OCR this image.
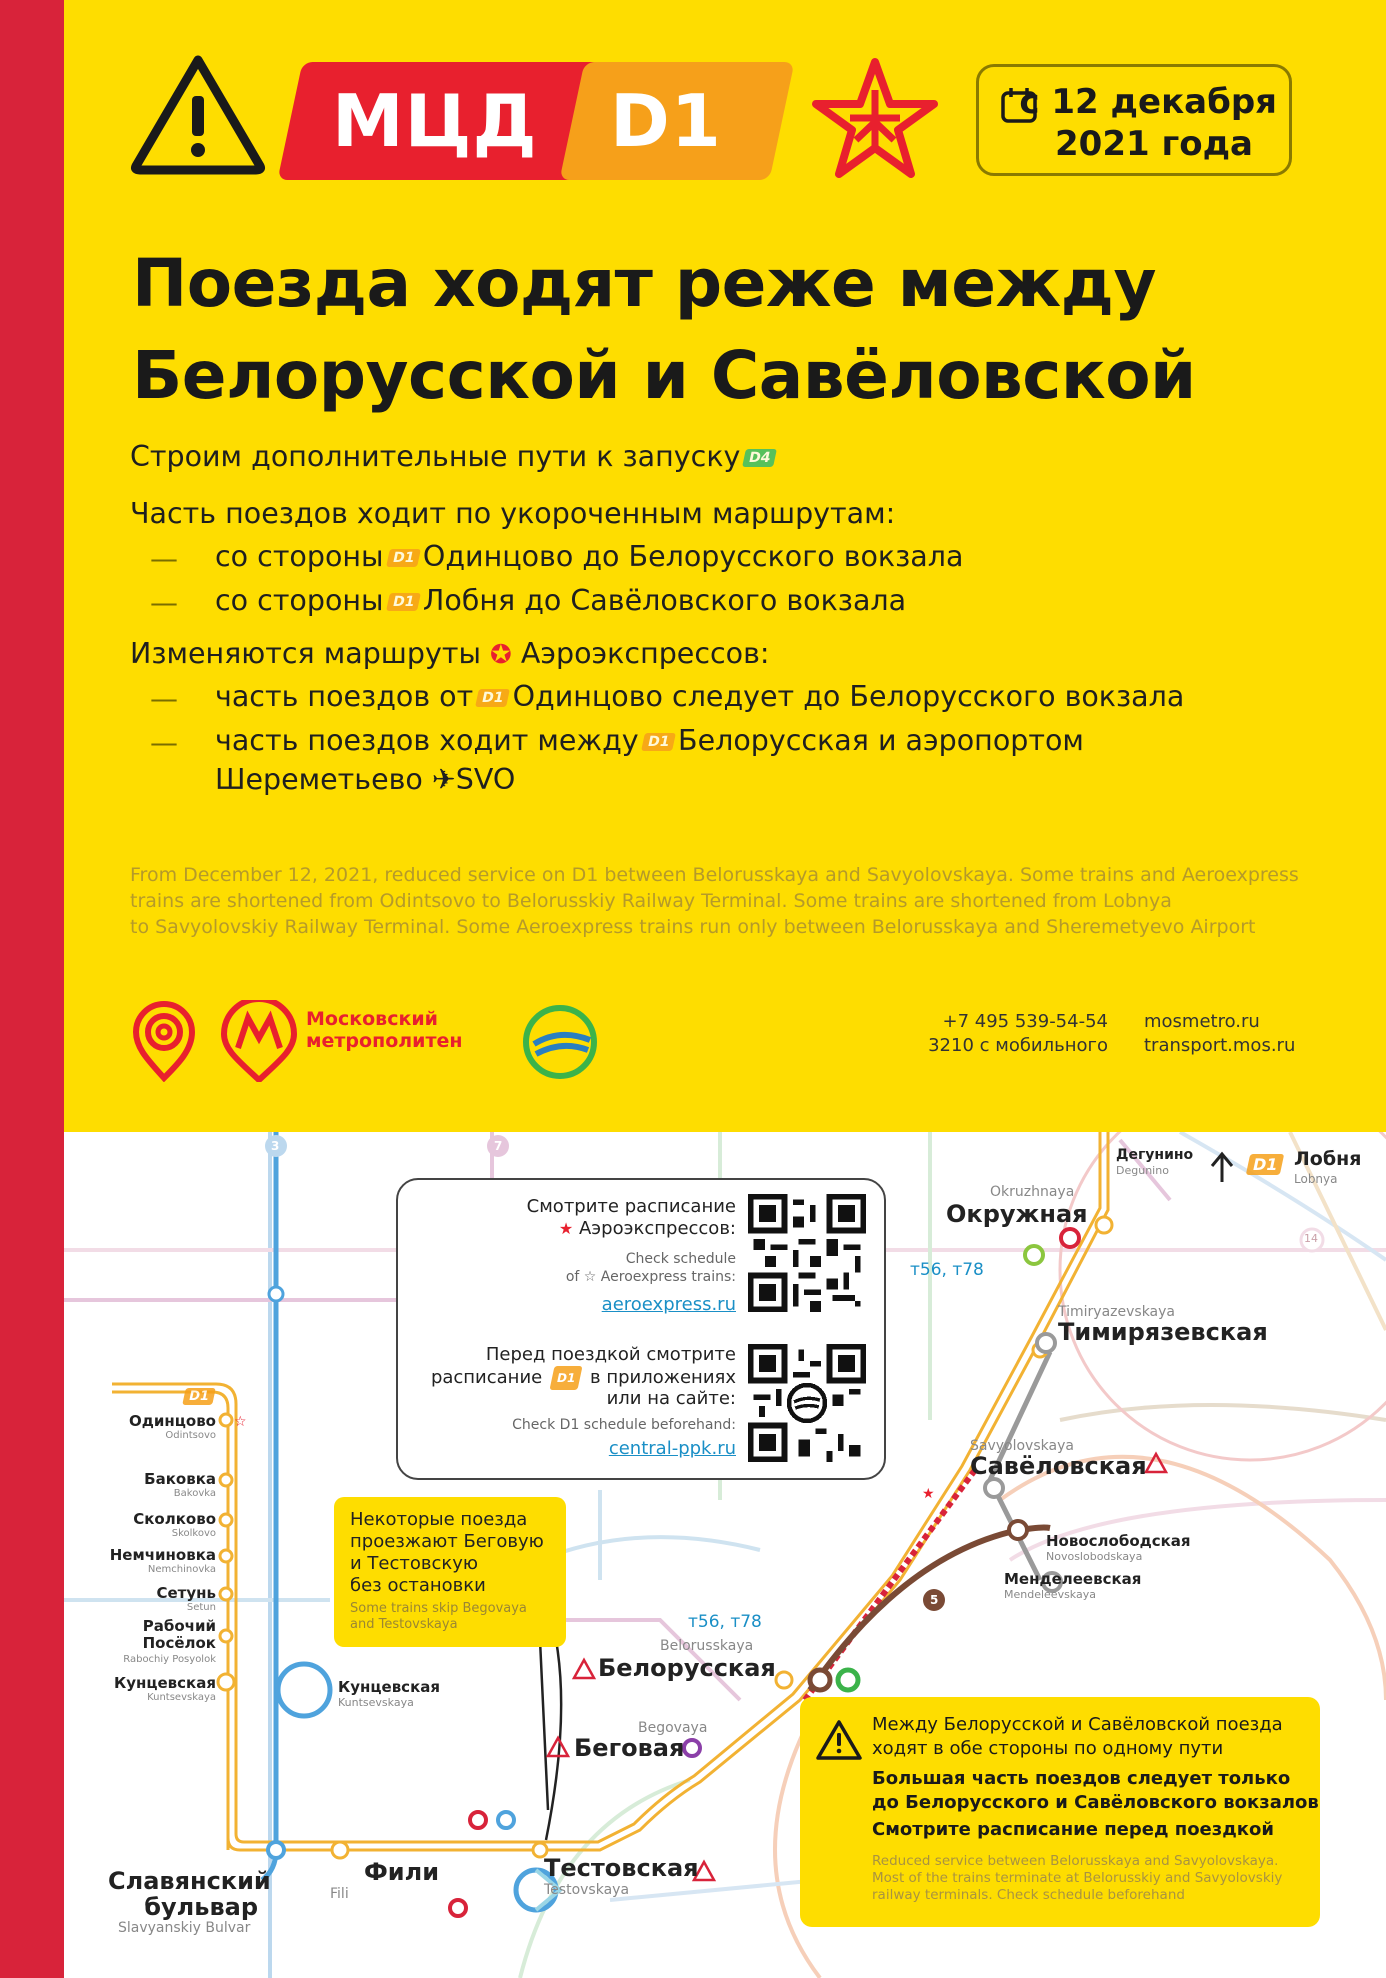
МЦД D1	с 12 декабря
2021 года
Поезда ходят реже между
Белорусской и Савёловской
Строим дополнительные пути к запуску D4
Часть поездов ходит по укороченным маршрутам:
— со стороны D1 Одинцово до Белорусского вокзала
— со стороны D1 Лобня до Савёловского вокзала
Изменяются маршруты ✪ Аэроэкспрессов:
— часть поездов от D1 Одинцово следует до Белорусского вокзала
— часть поездов ходит между D1 Белорусская и аэропортом
Шереметьево ✈SVO
From December 12, 2021, reduced service on D1 between Belorusskaya and Savyolovskaya. Some trains and Aeroexpress
trains are shortened from Odintsovo to Belorusskiy Railway Terminal. Some trains are shortened from Lobnya
to Savyolovskiy Railway Terminal. Some Aeroexpress trains run only between Belorusskaya and Sheremetyevo Airport
Московский
метрополитен
+7 495 539-54-54
3210 с мобильного
mosmetro.ru
transport.mos.ru
★
☆
3	7
14
5
Дегунино
Degunino	D1 Лобня
Lobnya
Okruzhnaya
Окружная
т56, т78
Timiryazevskaya
Тимирязевская
Savyolovskaya
Савёловская
Новослободская
Novoslobodskaya
Менделеевская
Mendeleevskaya
т56, т78
Belorusskaya
Белорусская
Begovaya
Беговая
Тестовская
Testovskaya
Фили
Fili
Славянский
бульвар
Slavyanskiy Bulvar
Кунцевская
Kuntsevskaya
D1
Одинцово
Odintsovo
Баковка
Bakovka
Сколково
Skolkovo
Немчиновка
Nemchinovka
Сетунь
Setun
Рабочий
Посёлок
Rabochiy Posyolok
Кунцевская
Kuntsevskaya
Смотрите расписание
★ Аэроэкспрессов:
Check schedule
of ☆ Aeroexpress trains:
aeroexpress.ru
Перед поездкой смотрите
расписание D1 в приложениях
или на сайте:
Check D1 schedule beforehand:
central-ppk.ru
Некоторые поезда
проезжают Беговую
и Тестовскую
без остановки
Some trains skip Begovaya
and Testovskaya
Между Белорусской и Савёловской поезда
ходят в обе стороны по одному пути
Большая часть поездов следует только
до Белорусского и Савёловского вокзалов
Смотрите расписание перед поездкой
Reduced service between Belorusskaya and Savyolovskaya.
Most of the trains terminate at Belorusskiy and Savyolovskiy
railway terminals. Check schedule beforehand
